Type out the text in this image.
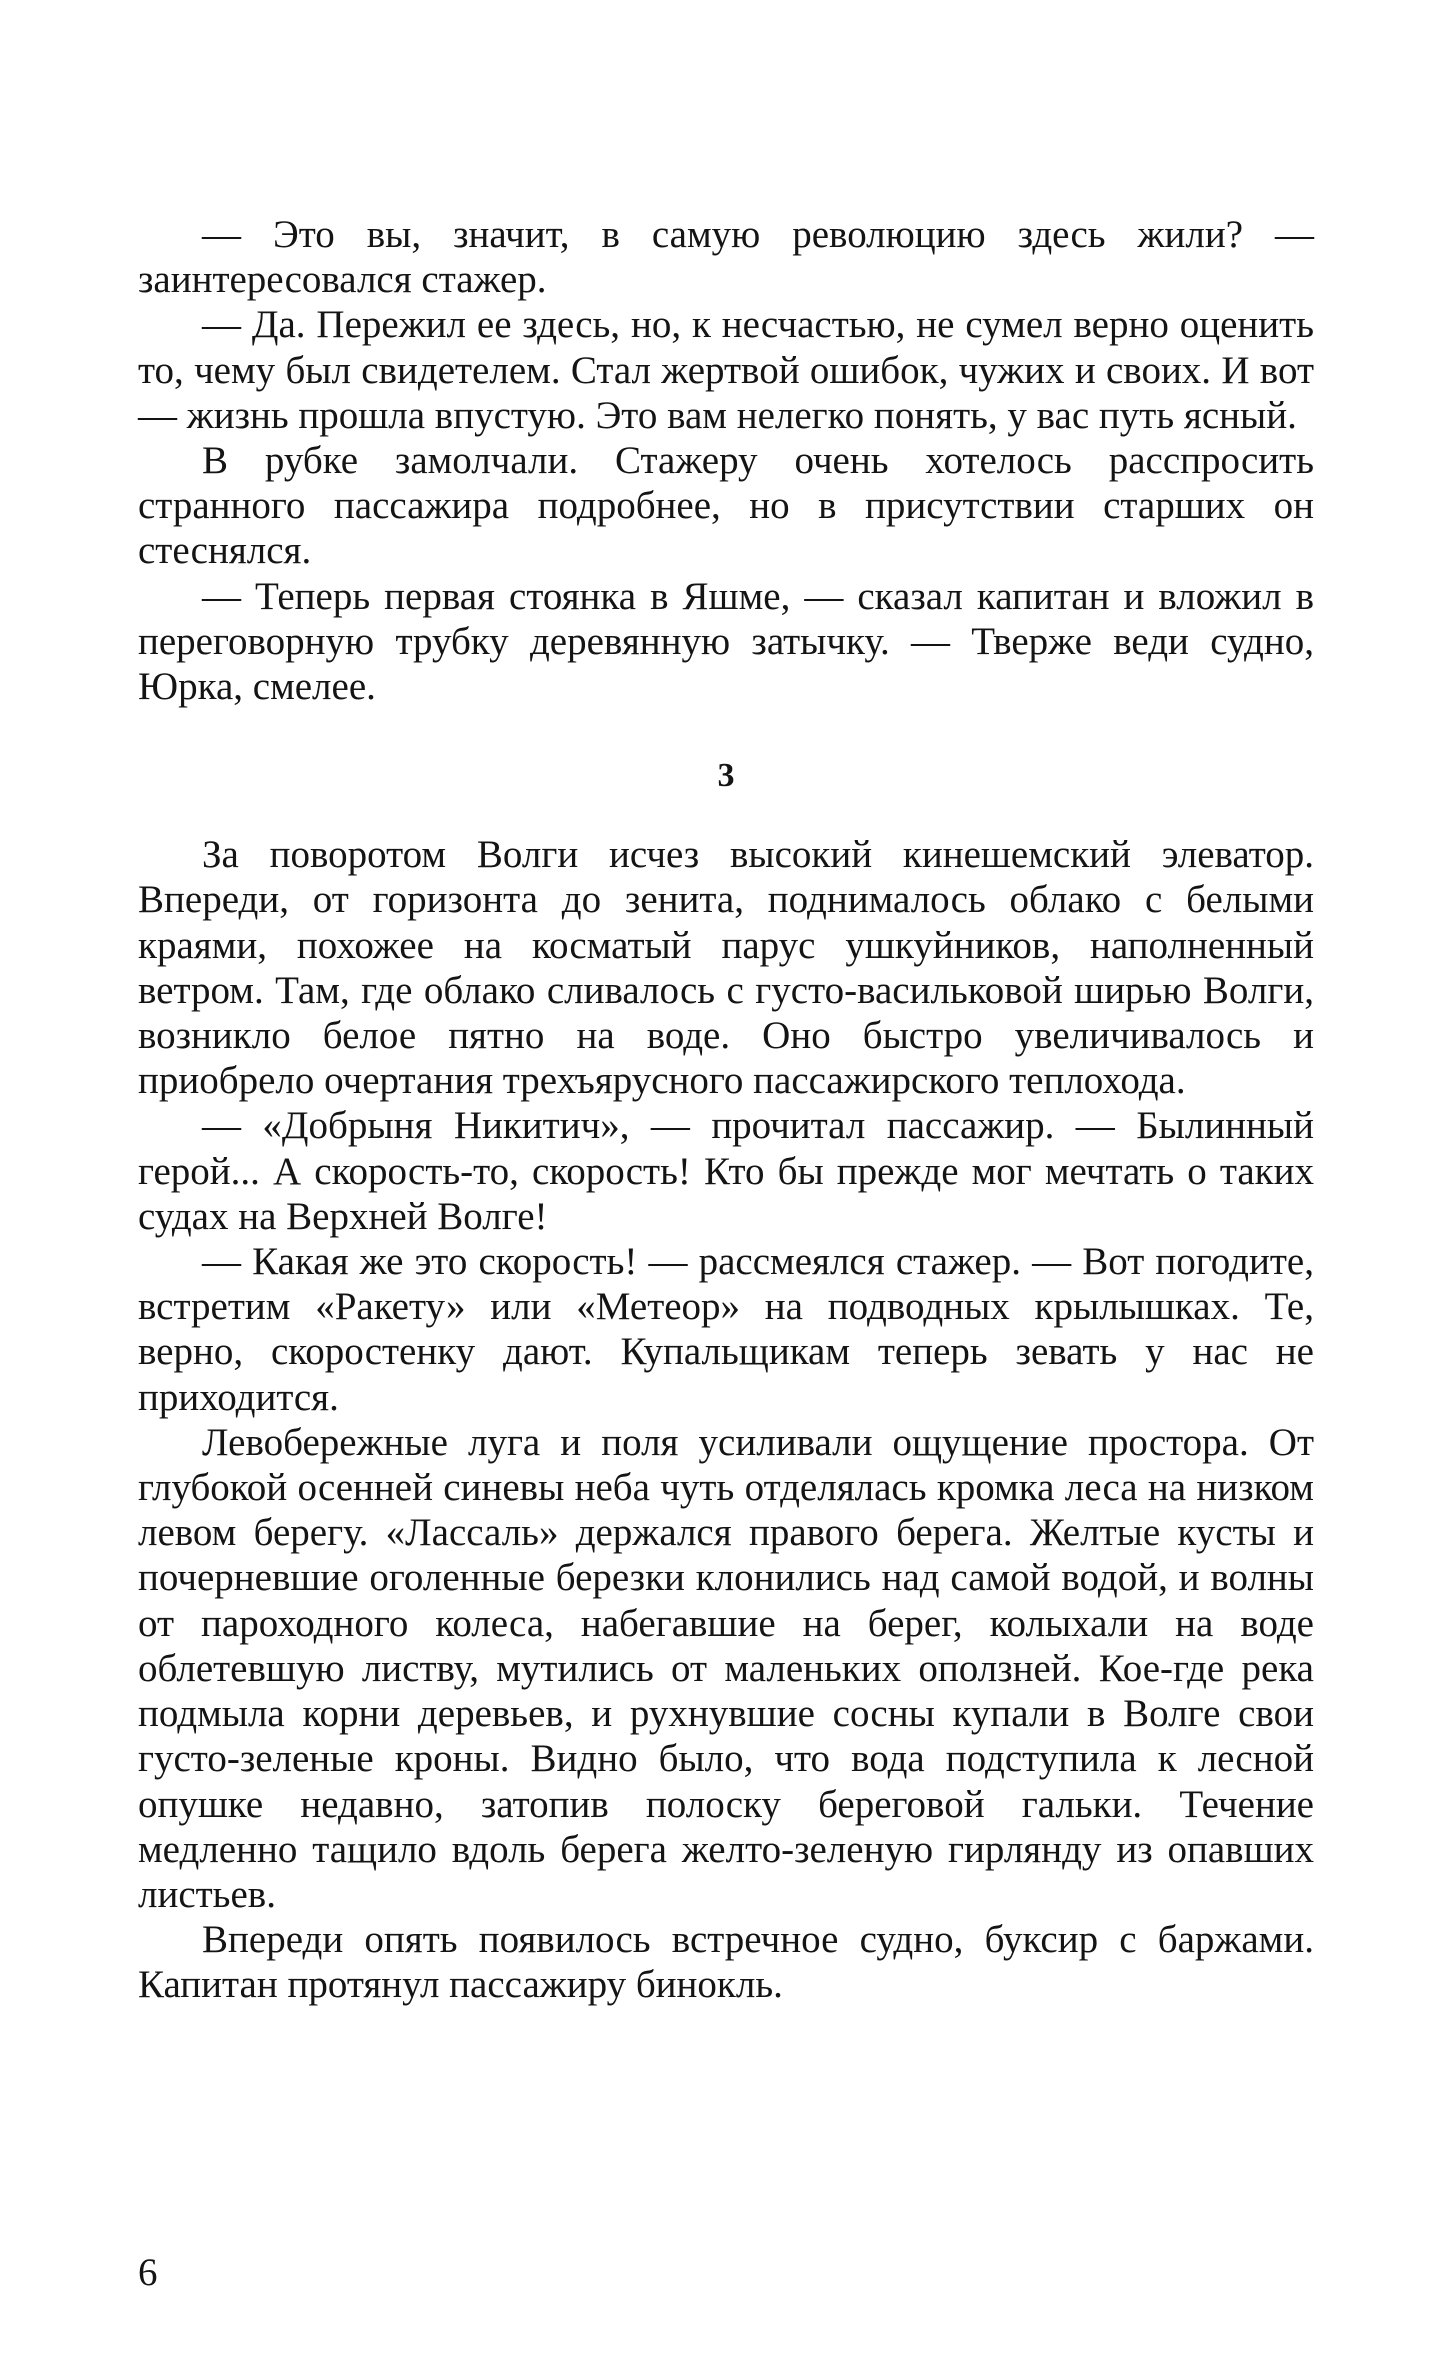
— Это вы, значит, в самую революцию здесь жили? — заинтересовался стажер.

— Да. Пережил ее здесь, но, к несчастью, не сумел верно оценить то, чему был свидетелем. Стал жертвой ошибок, чужих и своих. И вот — жизнь прошла впустую. Это вам нелегко понять, у вас путь ясный.

В рубке замолчали. Стажеру очень хотелось расспросить странного пассажира подробнее, но в присутствии старших он стеснялся.

— Теперь первая стоянка в Яшме, — сказал капитан и вложил в переговорную трубку деревянную затычку. — Тверже веди судно, Юрка, смелее.

3

За поворотом Волги исчез высокий кинешемский элеватор. Впереди, от горизонта до зенита, поднималось облако с белыми краями, похожее на косматый парус ушкуйников, наполненный ветром. Там, где облако сливалось с густо-васильковой ширью Волги, возникло белое пятно на воде. Оно быстро увеличивалось и приобрело очертания трехъярусного пассажирского теплохода.

— «Добрыня Никитич», — прочитал пассажир. — Былинный герой... А скорость-то, скорость! Кто бы прежде мог мечтать о таких судах на Верхней Волге!

— Какая же это скорость! — рассмеялся стажер. — Вот погодите, встретим «Ракету» или «Метеор» на подводных крылышках. Те, верно, скоростенку дают. Купальщикам теперь зевать у нас не приходится.

Левобережные луга и поля усиливали ощущение простора. От глубокой осенней синевы неба чуть отделялась кромка леса на низком левом берегу. «Лассаль» держался правого берега. Желтые кусты и почерневшие оголенные березки клонились над самой водой, и волны от пароходного колеса, набегавшие на берег, колыхали на воде облетевшую листву, мутились от маленьких оползней. Кое-где река подмыла корни деревьев, и рухнувшие сосны купали в Волге свои густо-зеленые кроны. Видно было, что вода подступила к лесной опушке недавно, затопив полоску береговой гальки. Течение медленно тащило вдоль берега желто-зеленую гирлянду из опавших листьев.

Впереди опять появилось встречное судно, буксир с баржами. Капитан протянул пассажиру бинокль.

6
